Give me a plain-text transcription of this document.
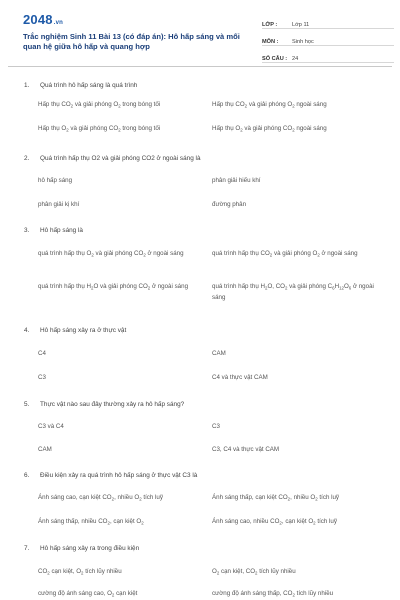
2048.vn
Trắc nghiệm Sinh 11 Bài 13 (có đáp án): Hô hấp sáng và mối quan hệ giữa hô hấp và quang hợp
LỚP :	Lớp 11
MÔN :	Sinh học
SỐ CÂU : 24
1. Quá trình hô hấp sáng là quá trình
Hấp thụ $CO_2$ và giải phóng $O_2$ trong bóng tối	Hấp thụ $CO_2$ và giải phóng $O_2$ ngoài sáng
Hấp thụ $O_2$ và giải phóng $CO_2$ trong bóng tối	Hấp thụ $O_2$ và giải phóng $CO_2$ ngoài sáng
2. Quá trình hấp thụ O2 và giải phóng CO2 ở ngoài sáng là
hô hấp sáng	phân giải hiếu khí
phân giải kị khí	đường phân
3. Hô hấp sáng là
quá trình hấp thụ $O_2$ và giải phóng $CO_2$ ở ngoài sáng	quá trình hấp thụ $CO_2$ và giải phóng $O_2$ ở ngoài sáng
quá trình hấp thụ $H_2O$ và giải phóng $CO_2$ ở ngoài sáng	quá trình hấp thụ $H_2O$, $CO_2$ và giải phóng $C_6H_{12}O_6$ ở ngoài sáng
4. Hô hấp sáng xảy ra ở thực vật
C4	CAM
C3	C4 và thực vật CAM
5. Thực vật nào sau đây thường xảy ra hô hấp sáng?
C3 và C4	C3
CAM	C3, C4 và thực vật CAM
6. Điều kiện xảy ra quá trình hô hấp sáng ở thực vật C3 là
Ánh sáng cao, cạn kiệt $CO_2$, nhiều $O_2$ tích luỹ	Ánh sáng thấp, cạn kiệt $CO_2$, nhiều $O_2$ tích luỹ
Ánh sáng thấp, nhiều $CO_2$, cạn kiệt $O_2$	Ánh sáng cao, nhiều $CO_2$, cạn kiệt $O_2$ tích luỹ
7. Hô hấp sáng xảy ra trong điều kiện
$CO_2$ cạn kiệt, $O_2$ tích lũy nhiều	$O_2$ cạn kiệt, $CO_2$ tích lũy nhiều
cường độ ánh sáng cao, $O_2$ cạn kiệt	cường độ ánh sáng thấp, $CO_2$ tích lũy nhiều
